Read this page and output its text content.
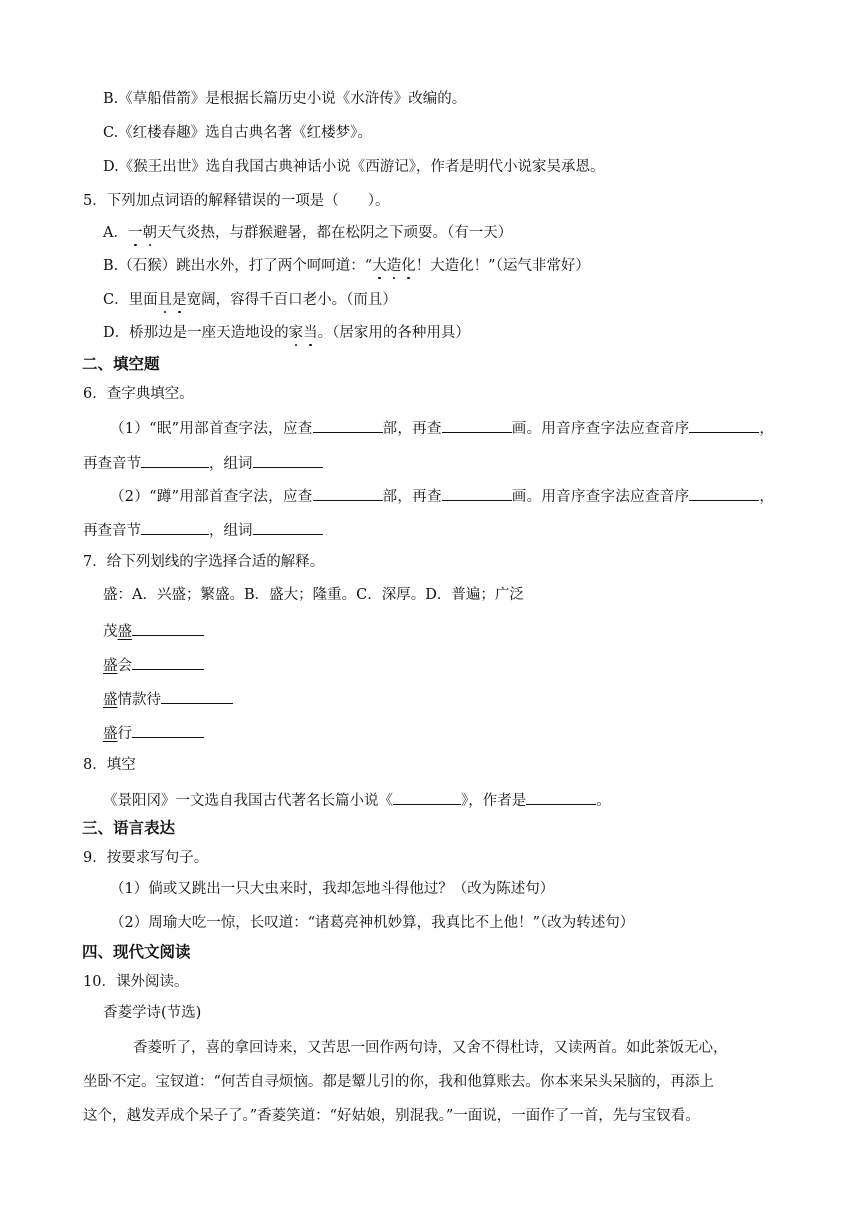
B.《草船借箭》是根据长篇历史小说《水浒传》改编的。
C.《红楼春趣》选自古典名著《红楼梦》。
D.《猴王出世》选自我国古典神话小说《西游记》，作者是明代小说家吴承恩。
5．下列加点词语的解释错误的一项是（　　）。
A．一朝天气炎热，与群猴避暑，都在松阴之下顽耍。（有一天）
B.（石猴）跳出水外，打了两个呵呵道：“大造化！大造化！”（运气非常好）
C．里面且是宽阔，容得千百口老小。（而且）
D．桥那边是一座天造地设的家当。（居家用的各种用具）
二、填空题
6．查字典填空。
（1）“眠”用部首查字法，应查	部，再查	画。用音序查字法应查音序	，
再查音节	，组词
（2）“蹲”用部首查字法，应查	部，再查	画。用音序查字法应查音序	，
再查音节	，组词
7．给下列划线的字选择合适的解释。
盛：A．兴盛；繁盛。B．盛大；隆重。C．深厚。D．普遍；广泛
茂盛
盛会
盛情款待
盛行
8．填空
《景阳冈》一文选自我国古代著名长篇小说《	》，作者是	。
三、语言表达
9．按要求写句子。
（1）倘或又跳出一只大虫来时，我却怎地斗得他过？（改为陈述句）
（2）周瑜大吃一惊，长叹道：“诸葛亮神机妙算，我真比不上他！”（改为转述句）
四、现代文阅读
10．课外阅读。
香菱学诗(节选)
香菱听了，喜的拿回诗来，又苦思一回作两句诗，又舍不得杜诗，又读两首。如此茶饭无心，
坐卧不定。宝钗道：“何苦自寻烦恼。都是颦儿引的你，我和他算账去。你本来呆头呆脑的，再添上
这个，越发弄成个呆子了。”香菱笑道：“好姑娘，别混我。”一面说，一面作了一首，先与宝钗看。
